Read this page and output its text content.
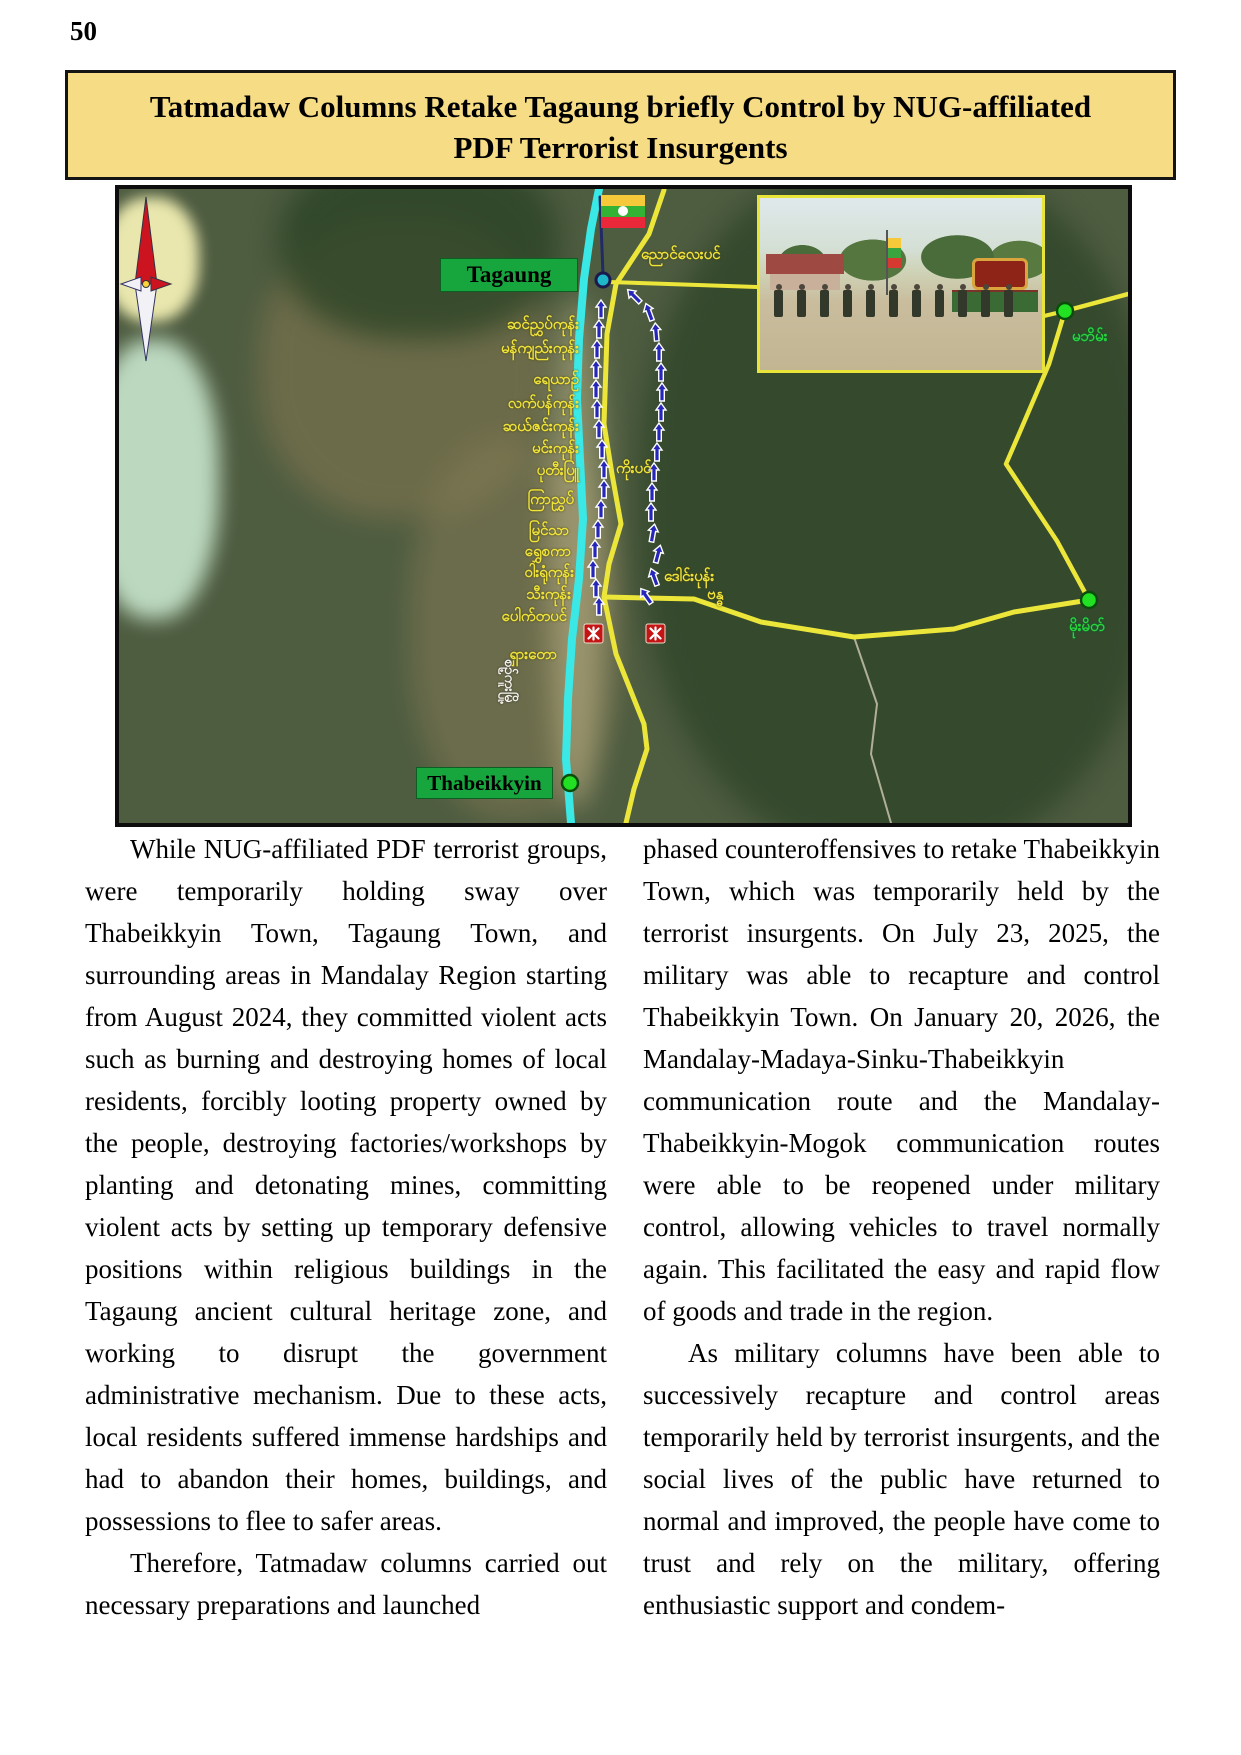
50
Tatmadaw Columns Retake Tagaung briefly Control by NUG-affiliated
PDF Terrorist Insurgents
Tagaung
Thabeikkyin
စဉ့်ကူးမြို့
ဆင်ညွှပ်ကုန်း
မန်ကျည်းကုန်း
ရေယာဉ်
လက်ပန်ကုန်း
ဆယ်ဇင်းကုန်း
မင်းကုန်း
ပုတီးပြူ
ကြာညွှပ်
မြင်သာ
ရွှေစကာ
ဝါးရုံကုန်း
သီးကုန်း
ပေါက်တပင်
ရှားတော
ညောင်လေးပင်
ကိုးပင်
ဒေါင်းပုန်း
ဗန္ဓ
မဘိမ်း
မိုးမိတ်

While NUG-affiliated PDF terrorist groups, were temporarily holding sway over Thabeikkyin Town, Tagaung Town, and surrounding areas in Mandalay Region starting from August 2024, they committed violent acts such as burning and destroying homes of local residents, forcibly looting property owned by the people, destroying factories/workshops by planting and detonating mines, committing violent acts by setting up temporary defensive positions within religious buildings in the Tagaung ancient cultural heritage zone, and working to disrupt the government administrative mechanism. Due to these acts, local residents suffered immense hardships and had to abandon their homes, buildings, and possessions to flee to safer areas.

Therefore, Tatmadaw columns carried out necessary preparations and launched

phased counteroffensives to retake Thabeikkyin Town, which was temporarily held by the terrorist insurgents. On July 23, 2025, the military was able to recapture and control Thabeikkyin Town. On January 20, 2026, the Mandalay-Madaya-Sinku-Thabeikkyin communication route and the Mandalay-Thabeikkyin-Mogok communication routes were able to be reopened under military control, allowing vehicles to travel normally again. This facilitated the easy and rapid flow of goods and trade in the region.

As military columns have been able to successively recapture and control areas temporarily held by terrorist insurgents, and the social lives of the public have returned to normal and improved, the people have come to trust and rely on the military, offering enthusiastic support and condem-
